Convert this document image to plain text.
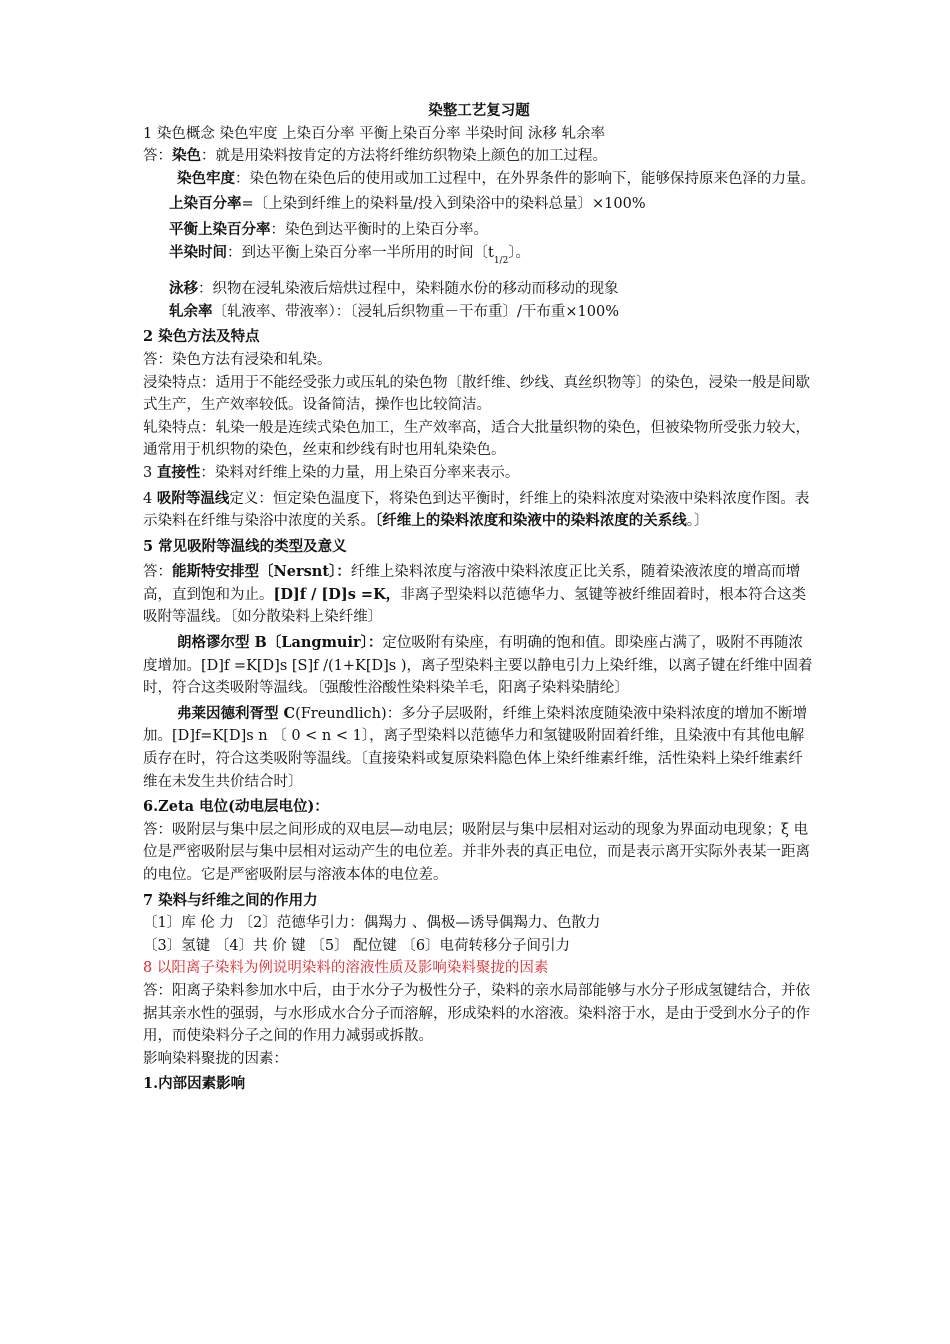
染整工艺复习题

1 染色概念 染色牢度 上染百分率 平衡上染百分率 半染时间 泳移 轧余率

答：染色：就是用染料按肯定的方法将纤维纺织物染上颜色的加工过程。

染色牢度：染色物在染色后的使用或加工过程中，在外界条件的影响下，能够保持原来色泽的力量。

上染百分率=〔上染到纤维上的染料量/投入到染浴中的染料总量〕×100%

平衡上染百分率：染色到达平衡时的上染百分率。

半染时间：到达平衡上染百分率一半所用的时间〔$t_{1/2}$〕。

泳移：织物在浸轧染液后焙烘过程中，染料随水份的移动而移动的现象

轧余率〔轧液率、带液率）：〔浸轧后织物重－干布重〕/干布重×100%

2 染色方法及特点

答：染色方法有浸染和轧染。

浸染特点：适用于不能经受张力或压轧的染色物〔散纤维、纱线、真丝织物等〕的染色，浸染一般是间歇式生产，生产效率较低。设备简洁，操作也比较简洁。

轧染特点：轧染一般是连续式染色加工，生产效率高，适合大批量织物的染色，但被染物所受张力较大，通常用于机织物的染色，丝束和纱线有时也用轧染染色。

3 直接性：染料对纤维上染的力量，用上染百分率来表示。

4 吸附等温线定义：恒定染色温度下，将染色到达平衡时，纤维上的染料浓度对染液中染料浓度作图。表示染料在纤维与染浴中浓度的关系。〔纤维上的染料浓度和染液中的染料浓度的关系线。〕

5 常见吸附等温线的类型及意义

答：能斯特安排型〔Nersnt〕：纤维上染料浓度与溶液中染料浓度正比关系，随着染液浓度的增高而增高，直到饱和为止。[D]f / [D]s =K，非离子型染料以范德华力、氢键等被纤维固着时，根本符合这类吸附等温线。〔如分散染料上染纤维〕

朗格谬尔型 B〔Langmuir〕：定位吸附有染座，有明确的饱和值。即染座占满了，吸附不再随浓度增加。[D]f =K[D]s [S]f /(1+K[D]s )，离子型染料主要以静电引力上染纤维，以离子键在纤维中固着时，符合这类吸附等温线。〔强酸性浴酸性染料染羊毛，阳离子染料染腈纶〕

弗莱因德利胥型 C(Freundlich)：多分子层吸附，纤维上染料浓度随染液中染料浓度的增加不断增加。[D]f=K[D]s n 〔 0 < n < 1〕，离子型染料以范德华力和氢键吸附固着纤维，且染液中有其他电解质存在时，符合这类吸附等温线。〔直接染料或复原染料隐色体上染纤维素纤维，活性染料上染纤维素纤维在未发生共价结合时〕

6.Zeta 电位(动电层电位)：

答：吸附层与集中层之间形成的双电层—动电层；吸附层与集中层相对运动的现象为界面动电现象；ξ 电位是严密吸附层与集中层相对运动产生的电位差。并非外表的真正电位，而是表示离开实际外表某一距离的电位。它是严密吸附层与溶液本体的电位差。

7 染料与纤维之间的作用力

〔1〕库 伦 力 〔2〕范德华引力：偶羯力 、偶极—诱导偶羯力、色散力

〔3〕氢键 〔4〕共 价 键 〔5〕 配位键 〔6〕电荷转移分子间引力

8 以阳离子染料为例说明染料的溶液性质及影响染料聚拢的因素

答：阳离子染料参加水中后，由于水分子为极性分子，染料的亲水局部能够与水分子形成氢键结合，并依据其亲水性的强弱，与水形成水合分子而溶解，形成染料的水溶液。染料溶于水，是由于受到水分子的作用，而使染料分子之间的作用力减弱或拆散。

影响染料聚拢的因素：

1.内部因素影响
